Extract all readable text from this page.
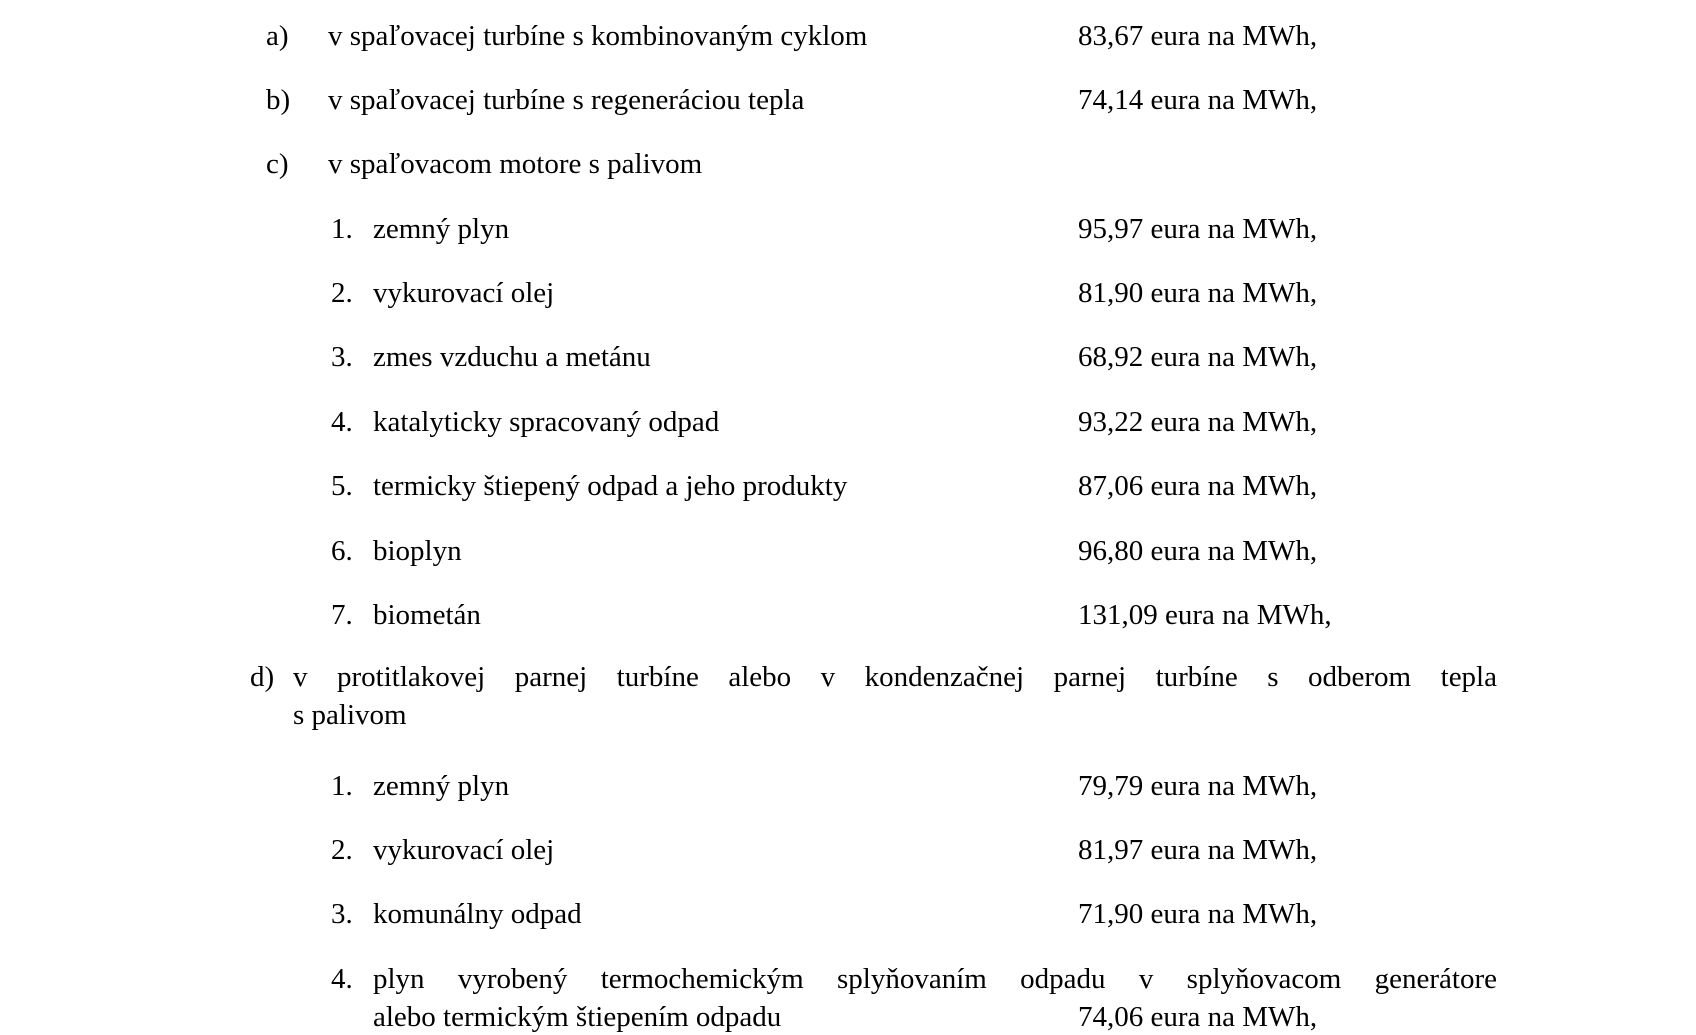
a) v spaľovacej turbíne s kombinovaným cyklom	83,67 eura na MWh,
b) v spaľovacej turbíne s regeneráciou tepla	74,14 eura na MWh,
c) v spaľovacom motore s palivom
1. zemný plyn	95,97 eura na MWh,
2. vykurovací olej	81,90 eura na MWh,
3. zmes vzduchu a metánu	68,92 eura na MWh,
4. katalyticky spracovaný odpad	93,22 eura na MWh,
5. termicky štiepený odpad a jeho produkty	87,06 eura na MWh,
6. bioplyn	96,80 eura na MWh,
7. biometán	131,09 eura na MWh,
d) v protitlakovej parnej turbíne alebo v kondenzačnej parnej turbíne s odberom tepla
s palivom
1. zemný plyn	79,79 eura na MWh,
2. vykurovací olej	81,97 eura na MWh,
3. komunálny odpad	71,90 eura na MWh,
4. plyn vyrobený termochemickým splyňovaním odpadu v splyňovacom generátore
alebo termickým štiepením odpadu	74,06 eura na MWh,
